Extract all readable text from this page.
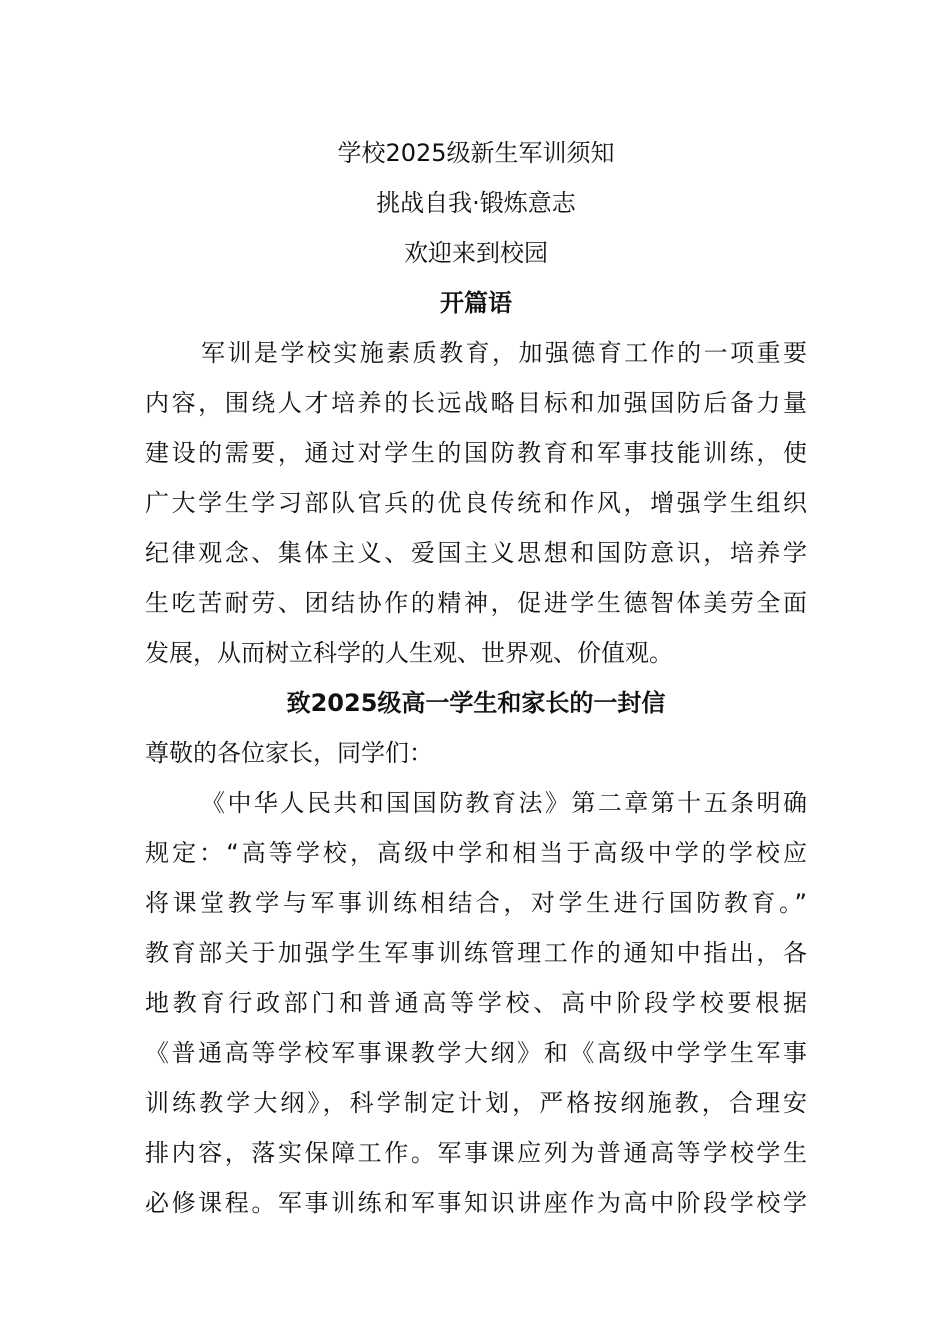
学校2025级新生军训须知
挑战自我·锻炼意志
欢迎来到校园
开篇语
军训是学校实施素质教育，加强德育工作的一项重要
内容，围绕人才培养的长远战略目标和加强国防后备力量
建设的需要，通过对学生的国防教育和军事技能训练，使
广大学生学习部队官兵的优良传统和作风，增强学生组织
纪律观念、集体主义、爱国主义思想和国防意识，培养学
生吃苦耐劳、团结协作的精神，促进学生德智体美劳全面
发展，从而树立科学的人生观、世界观、价值观。
致2025级高一学生和家长的一封信
尊敬的各位家长，同学们：
《中华人民共和国国防教育法》第二章第十五条明确
规定：“高等学校，高级中学和相当于高级中学的学校应
将课堂教学与军事训练相结合，对学生进行国防教育。”
教育部关于加强学生军事训练管理工作的通知中指出，各
地教育行政部门和普通高等学校、高中阶段学校要根据
《普通高等学校军事课教学大纲》和《高级中学学生军事
训练教学大纲》，科学制定计划，严格按纲施教，合理安
排内容，落实保障工作。军事课应列为普通高等学校学生
必修课程。军事训练和军事知识讲座作为高中阶段学校学
